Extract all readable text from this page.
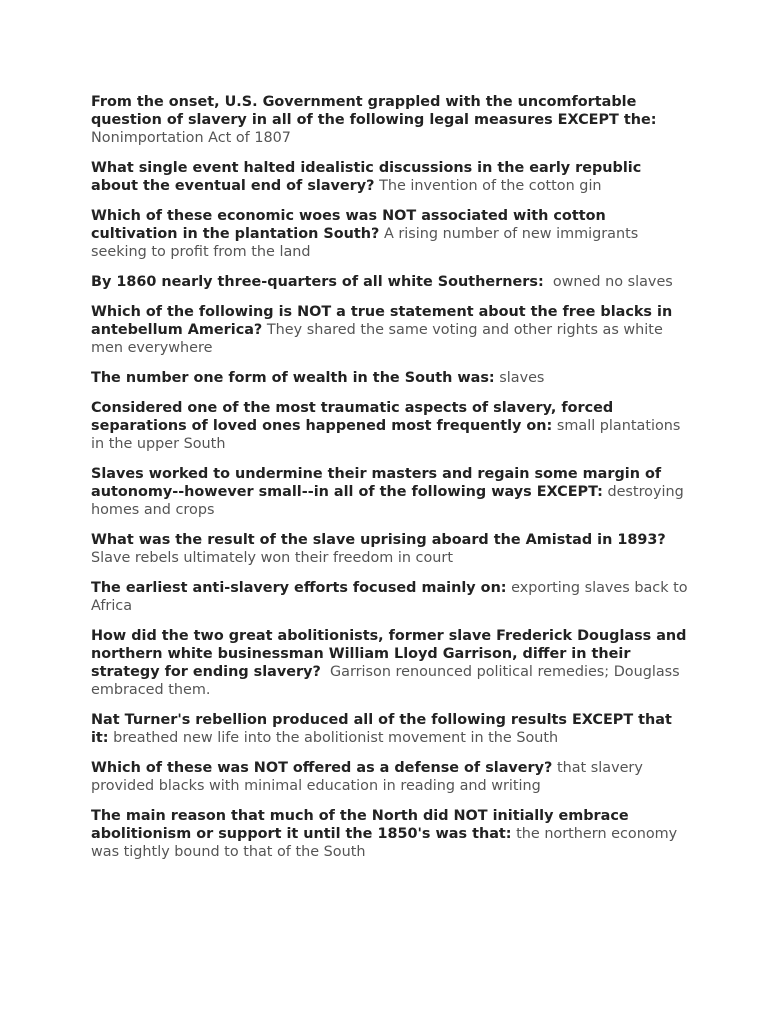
From the onset, U.S. Government grappled with the uncomfortable question of slavery in all of the following legal measures EXCEPT the: Nonimportation Act of 1807

What single event halted idealistic discussions in the early republic about the eventual end of slavery? The invention of the cotton gin

Which of these economic woes was NOT associated with cotton cultivation in the plantation South? A rising number of new immigrants seeking to profit from the land

By 1860 nearly three-quarters of all white Southerners: owned no slaves

Which of the following is NOT a true statement about the free blacks in antebellum America? They shared the same voting and other rights as white men everywhere

The number one form of wealth in the South was: slaves

Considered one of the most traumatic aspects of slavery, forced separations of loved ones happened most frequently on: small plantations in the upper South

Slaves worked to undermine their masters and regain some margin of autonomy--however small--in all of the following ways EXCEPT: destroying homes and crops

What was the result of the slave uprising aboard the Amistad in 1893? Slave rebels ultimately won their freedom in court

The earliest anti-slavery efforts focused mainly on: exporting slaves back to Africa

How did the two great abolitionists, former slave Frederick Douglass and northern white businessman William Lloyd Garrison, differ in their strategy for ending slavery? Garrison renounced political remedies; Douglass embraced them.

Nat Turner's rebellion produced all of the following results EXCEPT that it: breathed new life into the abolitionist movement in the South

Which of these was NOT offered as a defense of slavery? that slavery provided blacks with minimal education in reading and writing

The main reason that much of the North did NOT initially embrace abolitionism or support it until the 1850's was that: the northern economy was tightly bound to that of the South
